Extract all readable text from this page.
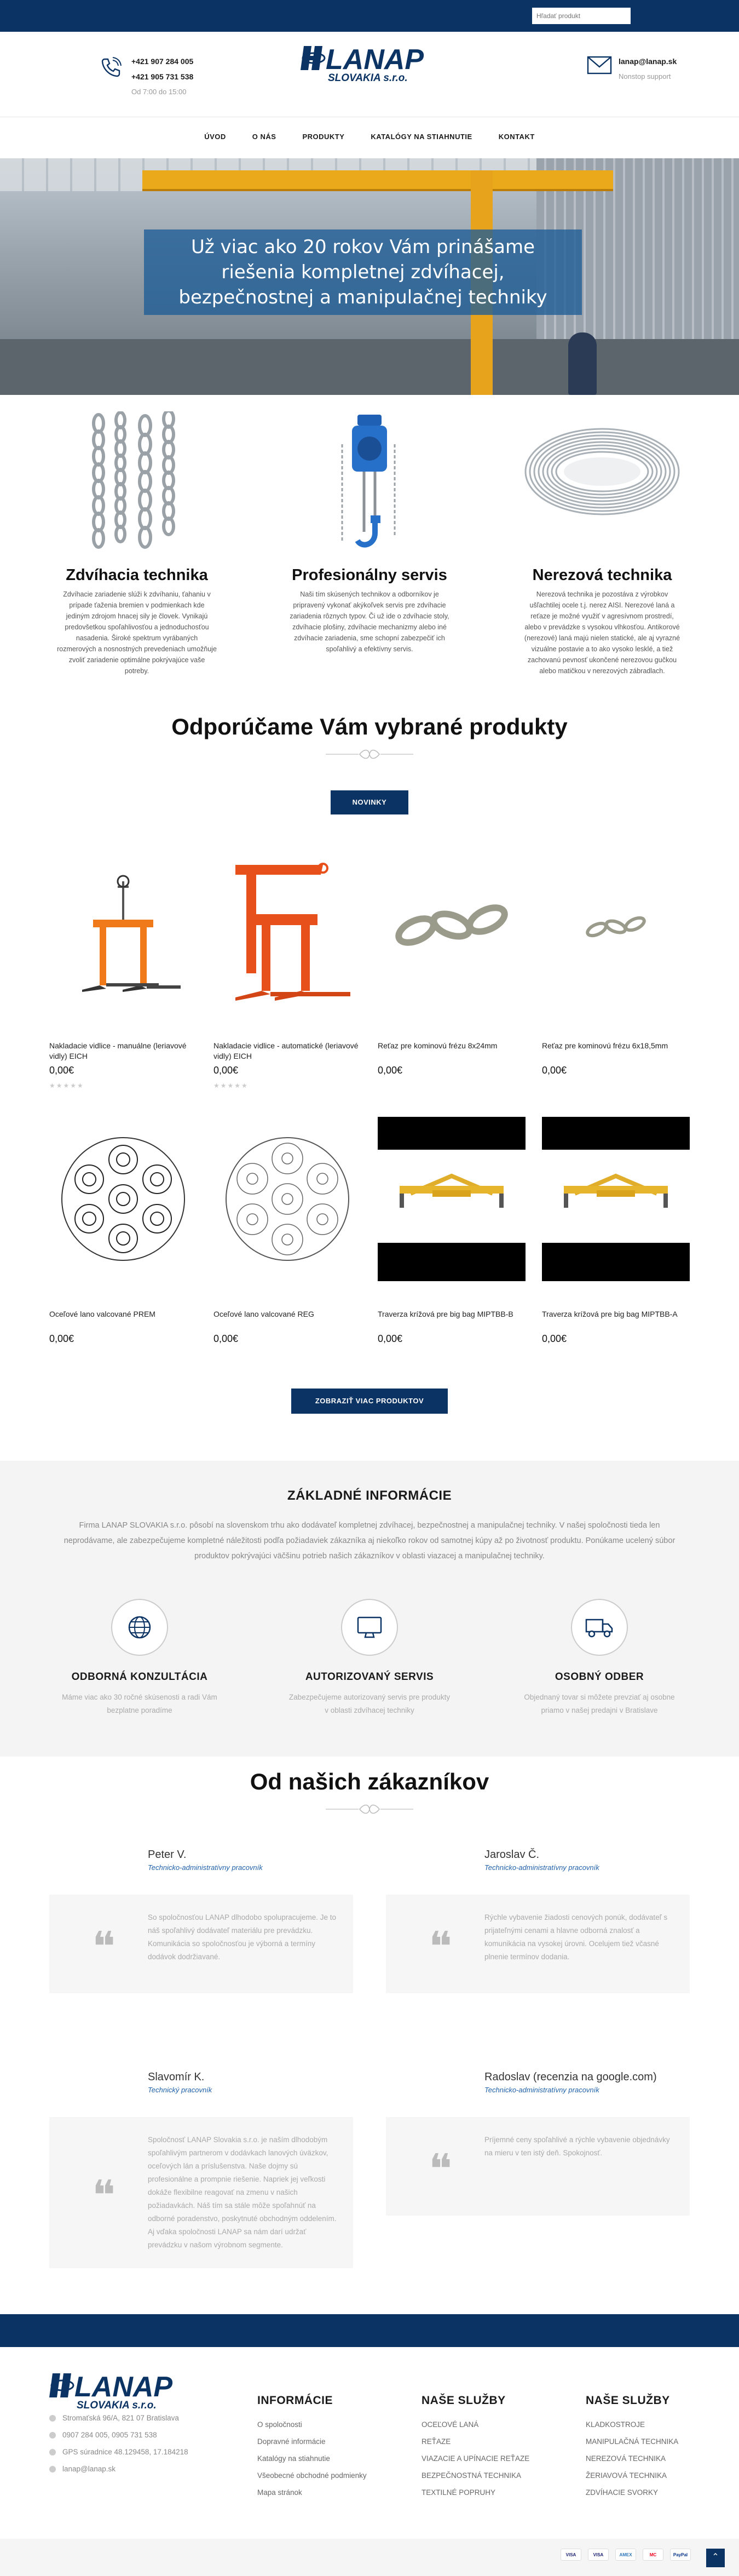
Hľadať produkt
+421 907 284 005
+421 905 731 538
Od 7:00 do 15:00
LANAP
SLOVAKIA s.r.o.
lanap@lanap.sk
Nonstop support
ÚVOD	O NÁS	PRODUKTY	KATALÓGY NA STIAHNUTIE	KONTAKT
Už viac ako 20 rokov Vám prinášame riešenia kompletnej zdvíhacej, bezpečnostnej a manipulačnej techniky
Zdvíhacia technika

Zdvíhacie zariadenie slúži k zdvíhaniu, ťahaniu v prípade ťaženia bremien v podmienkach kde jediným zdrojom hnacej sily je človek. Vynikajú predovšetkou spoľahlivosťou a jednoduchosťou nasadenia. Široké spektrum vyrábaných rozmerových a nosnostných prevedeniach umožňuje zvoliť zariadenie optimálne pokrývajúce vaše potreby.

Profesionálny servis

Naši tím skúsených technikov a odborníkov je pripravený vykonať akýkoľvek servis pre zdvíhacie zariadenia rôznych typov. Či už ide o zdvíhacie stoly, zdvíhacie plošiny, zdvíhacie mechanizmy alebo iné zdvíhacie zariadenia, sme schopní zabezpečiť ich spoľahlivý a efektívny servis.

Nerezová technika

Nerezová technika je pozostáva z výrobkov ušľachtilej ocele t.j. nerez AISI. Nerezové laná a reťaze je možné využiť v agresívnom prostredí, alebo v prevádzke s vysokou vlhkosťou. Antikorové (nerezové) laná majú nielen statické, ale aj vyrazné vizuálne postavie a to ako vysoko lesklé, a tiež zachovanú pevnosť ukončené nerezovou gučkou alebo matičkou v nerezových zábradlach.

Odporúčame Vám vybrané produkty
NOVINKY
Nakladacie vidlice - manuálne (leriavové vidly) EICH
0,00€
★★★★★
Nakladacie vidlice - automatické (leriavové vidly) EICH
0,00€
★★★★★
Reťaz pre kominovú frézu 8x24mm
0,00€
Reťaz pre kominovú frézu 6x18,5mm
0,00€
Oceľové lano valcované PREM
0,00€
Oceľové lano valcované REG
0,00€
Traverza krížová pre big bag MIPTBB-B
0,00€
Traverza krížová pre big bag MIPTBB-A
0,00€
ZOBRAZIŤ VIAC PRODUKTOV
ZÁKLADNÉ INFORMÁCIE

Firma LANAP SLOVAKIA s.r.o. pôsobí na slovenskom trhu ako dodávateľ kompletnej zdvíhacej, bezpečnostnej a manipulačnej techniky. V našej spoločnosti tieda len neprodávame, ale zabezpečujeme kompletné náležitosti podľa požiadaviek zákazníka aj niekoľko rokov od samotnej kúpy až po životnosť produktu. Ponúkame ucelený súbor produktov pokrývajúci väčšinu potrieb našich zákazníkov v oblasti viazacej a manipulačnej techniky.

ODBORNÁ KONZULTÁCIA

Máme viac ako 30 ročné skúsenosti a radi Vám bezplatne poradíme

AUTORIZOVANÝ SERVIS

Zabezpečujeme autorizovaný servis pre produkty v oblasti zdvíhacej techniky

OSOBNÝ ODBER

Objednaný tovar si môžete prevziať aj osobne priamo v našej predajni v Bratislave

Od našich zákazníkov
Peter V.
Technicko-administratívny pracovník
❝

So spoločnosťou LANAP dlhodobo spolupracujeme. Je to náš spoľahlivý dodávateľ materiálu pre prevádzku. Komunikácia so spoločnosťou je výborná a termíny dodávok dodržiavané.

Jaroslav Č.
Technicko-administratívny pracovník
❝

Rýchle vybavenie žiadosti cenových ponúk, dodávateľ s prijateľnými cenami a hlavne odborná znalosť a komunikácia na vysokej úrovni. Ocelujem tiež včasné plnenie termínov dodania.

Slavomír K.
Technický pracovník
❝

Spoločnosť LANAP Slovakia s.r.o. je naším dlhodobým spoľahlivým partnerom v dodávkach lanových úväzkov, oceľových lán a príslušenstva. Naše dojmy sú profesionálne a prompnie riešenie. Napriek jej veľkosti dokáže flexibilne reagovať na zmenu v našich požiadavkách. Náš tím sa stále môže spoľahnúť na odborné poradenstvo, poskytnuté obchodným oddelením. Aj vďaka spoločnosti LANAP sa nám darí udržať prevádzku v našom výrobnom segmente.

Radoslav (recenzia na google.com)
Technicko-administratívny pracovník
❝

Príjemné ceny spoľahlivé a rýchle vybavenie objednávky na mieru v ten istý deň. Spokojnosť.

LANAP
SLOVAKIA s.r.o.
Stromaťská 96/A, 821 07 Bratislava
0907 284 005, 0905 731 538
GPS súradnice 48.129458, 17.184218
lanap@lanap.sk
INFORMÁCIE
O spoločnosti
Dopravné informácie
Katalógy na stiahnutie
Všeobecné obchodné podmienky
Mapa stránok
NAŠE SLUŽBY
OCEĽOVÉ LANÁ
REŤAZE
VIAZACIE A UPÍNACIE REŤAZE
BEZPEČNOSTNÁ TECHNIKA
TEXTILNÉ POPRUHY
NAŠE SLUŽBY
KLADKOSTROJE
MANIPULAČNÁ TECHNIKA
NEREZOVÁ TECHNIKA
ŽERIAVOVÁ TECHNIKA
ZDVÍHACIE SVORKY
VISA	VISA	AMEX	MC	PayPal	⌃
